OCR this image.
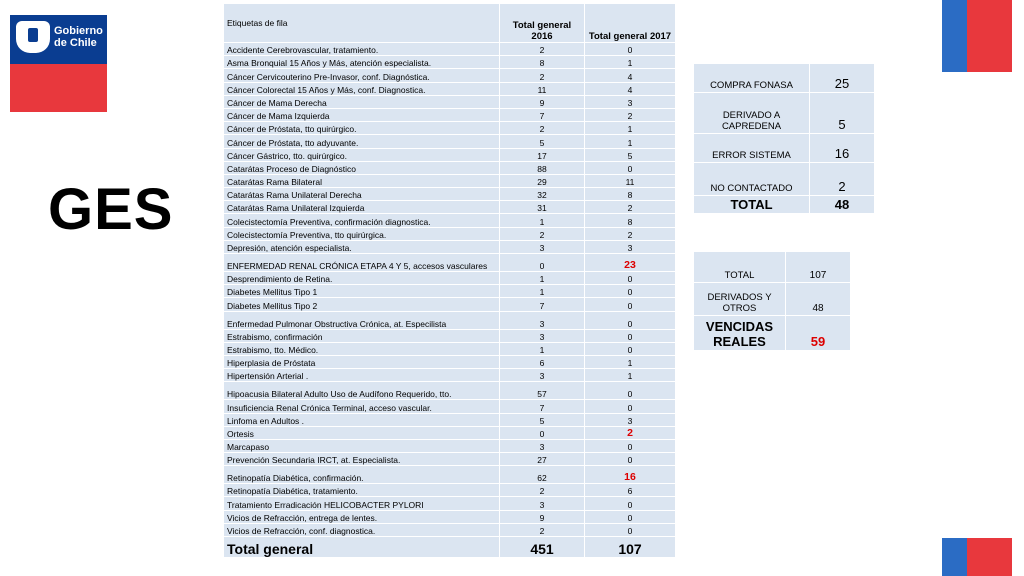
Gobierno
de Chile
GES
Etiquetas de fila	Total general 2016	Total general 2017
Accidente Cerebrovascular, tratamiento.	2	0
Asma Bronquial 15 Años y Más, atención especialista.	8	1
Cáncer Cervicouterino Pre-Invasor, conf. Diagnóstica.	2	4
Cáncer Colorectal 15 Años y Más, conf. Diagnostica.	11	4
Cáncer de Mama Derecha	9	3
Cáncer de Mama Izquierda	7	2
Cáncer de Próstata, tto quirúrgico.	2	1
Cáncer de Próstata, tto adyuvante.	5	1
Cáncer Gástrico, tto. quirúrgico.	17	5
Catarátas Proceso de Diagnóstico	88	0
Catarátas Rama Bilateral	29	11
Catarátas Rama Unilateral Derecha	32	8
Catarátas Rama Unilateral Izquierda	31	2
Colecistectomía Preventiva, confirmación diagnostica.	1	8
Colecistectomía Preventiva, tto quirúrgica.	2	2
Depresión, atención especialista.	3	3
ENFERMEDAD RENAL CRÓNICA ETAPA 4 Y 5, accesos vasculares	0	23
Desprendimiento de Retina.	1	0
Diabetes Mellitus Tipo 1	1	0
Diabetes Mellitus Tipo 2	7	0
Enfermedad Pulmonar Obstructiva Crónica, at. Especilista	3	0
Estrabismo, confirmación	3	0
Estrabismo, tto. Médico.	1	0
Hiperplasia de Próstata	6	1
Hipertensión Arterial .	3	1
Hipoacusia Bilateral Adulto Uso de Audífono Requerido, tto.	57	0
Insuficiencia Renal Crónica Terminal, acceso vascular.	7	0
Linfoma en Adultos .	5	3
Ortesis	0	2
Marcapaso	3	0
Prevención Secundaria IRCT, at. Especialista.	27	0
Retinopatía Diabética, confirmación.	62	16
Retinopatía Diabética, tratamiento.	2	6
Tratamiento Erradicación HELICOBACTER PYLORI	3	0
Vicios de Refracción, entrega de lentes.	9	0
Vicios de Refracción, conf. diagnostica.	2	0
Total general	451	107
COMPRA FONASA	25
DERIVADO A CAPREDENA	5
ERROR SISTEMA	16
NO CONTACTADO	2
TOTAL	48
TOTAL	107
DERIVADOS Y OTROS	48
VENCIDAS REALES	59
